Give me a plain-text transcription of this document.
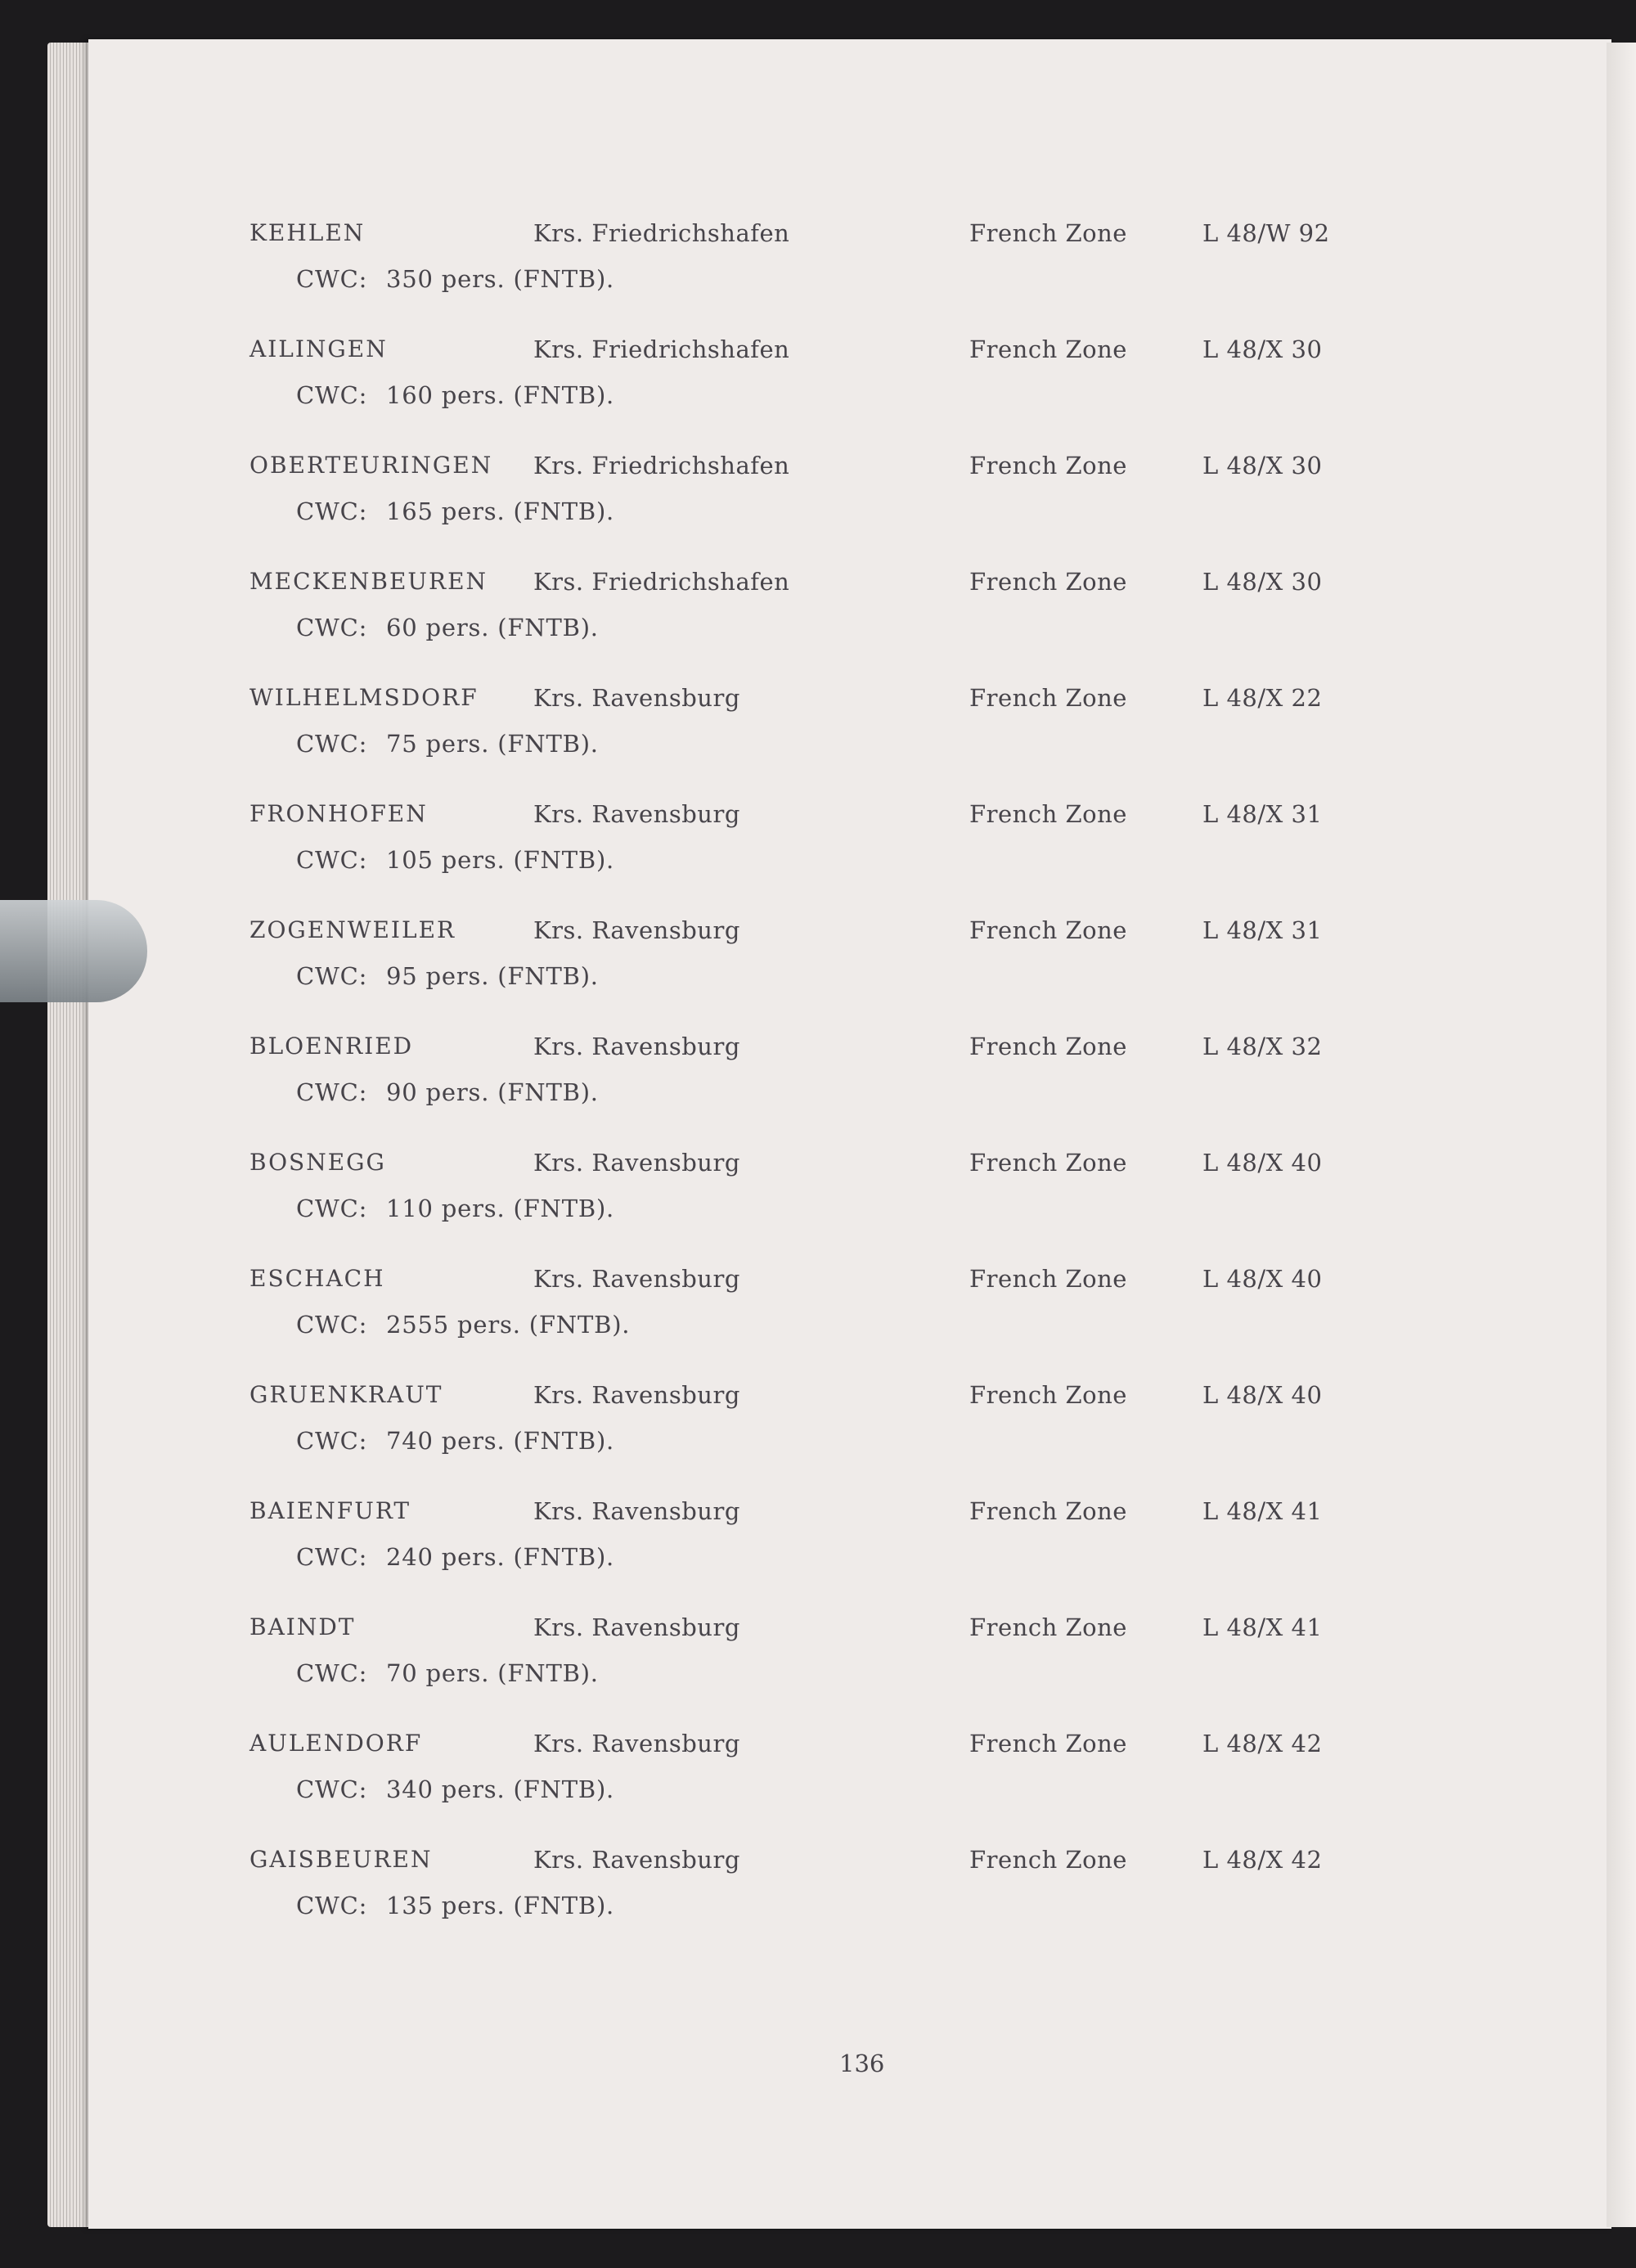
KEHLEN	Krs. Friedrichshafen	French Zone	L 48/W 92
CWC: 350 pers. (FNTB).
AILINGEN	Krs. Friedrichshafen	French Zone	L 48/X 30
CWC: 160 pers. (FNTB).
OBERTEURINGEN Krs. Friedrichshafen	French Zone	L 48/X 30
CWC: 165 pers. (FNTB).
MECKENBEUREN Krs. Friedrichshafen	French Zone	L 48/X 30
CWC: 60 pers. (FNTB).
WILHELMSDORF Krs. Ravensburg	French Zone	L 48/X 22
CWC: 75 pers. (FNTB).
FRONHOFEN	Krs. Ravensburg	French Zone	L 48/X 31
CWC: 105 pers. (FNTB).
ZOGENWEILER	Krs. Ravensburg	French Zone	L 48/X 31
CWC: 95 pers. (FNTB).
BLOENRIED	Krs. Ravensburg	French Zone	L 48/X 32
CWC: 90 pers. (FNTB).
BOSNEGG	Krs. Ravensburg	French Zone	L 48/X 40
CWC: 110 pers. (FNTB).
ESCHACH	Krs. Ravensburg	French Zone	L 48/X 40
CWC: 2555 pers. (FNTB).
GRUENKRAUT	Krs. Ravensburg	French Zone	L 48/X 40
CWC: 740 pers. (FNTB).
BAIENFURT	Krs. Ravensburg	French Zone	L 48/X 41
CWC: 240 pers. (FNTB).
BAINDT	Krs. Ravensburg	French Zone	L 48/X 41
CWC: 70 pers. (FNTB).
AULENDORF	Krs. Ravensburg	French Zone	L 48/X 42
CWC: 340 pers. (FNTB).
GAISBEUREN	Krs. Ravensburg	French Zone	L 48/X 42
CWC: 135 pers. (FNTB).
136
